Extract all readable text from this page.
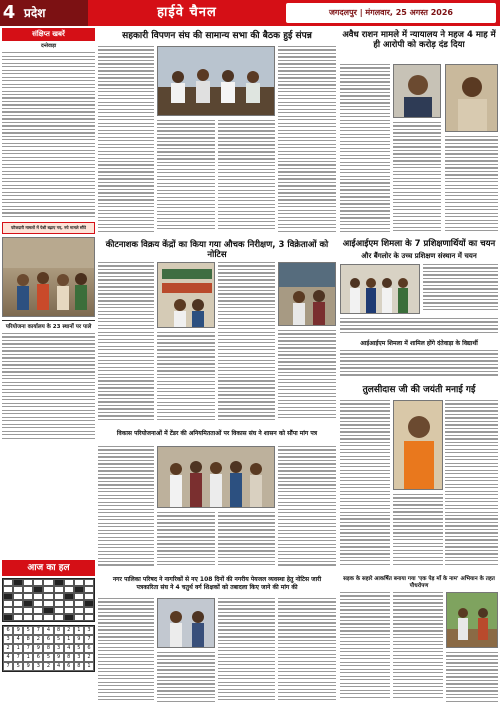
4 प्रदेश	हाईवे चैनल	जगदलपुर | मंगलवार, 25 अगस्त 2026
संक्षिप्त खबरें
दन्तेवाड़ा
फौजदारी मामलों में पेशी बढ़ाए गए, नये मामले सौंपे
परियोजना कार्यालय के 23 स्थानों पर पाले
आज का हल
6	9	5	7	4	8	2	1	3
3	4	8	2	6	5	1	9	7
2	1	7	9	8	3	4	5	6
4	7	1	6	5	9	8	3	2
7	5	9	3	2	4	6	8	1
सहकारी विपणन संघ की सामान्य सभा की बैठक हुई संपन्न	अवैध राशन मामले में न्यायालय ने महज 4 माह में ही आरोपी को करोड़ दंड दिया
कीटनाशक विक्रय केंद्रों का किया गया औचक निरीक्षण, 3 विक्रेताओं को नोटिस
आईआईएम शिमला के 7 प्रशिक्षणार्थियों का चयन
और बैंगलोर के उच्च प्रशिक्षण संस्थान में चयन
आईआईएम शिमला में शामिल होंगे दंतेवाड़ा के विद्यार्थी
तुलसीदास जी की जयंती मनाई गई
विकास परियोजनाओं में टेंडर की अनियमितताओं पर विकास संघ ने शासन को सौंपा मांग पत्र
नगर पालिका परिषद ने नागरिकों से नए 108 दिनों की नगरीय पेयजल व्यवस्था हेतु नोटिस जारी
पत्रकारिता संघ ने 4 चतुर्थ वर्ग शिक्षकों को तबादला किए जाने की मांग की
सड़क के सहारे आकर्षित बनाया गया 'एक पेड़ माँ के नाम' अभियान के तहत पौधरोपण
